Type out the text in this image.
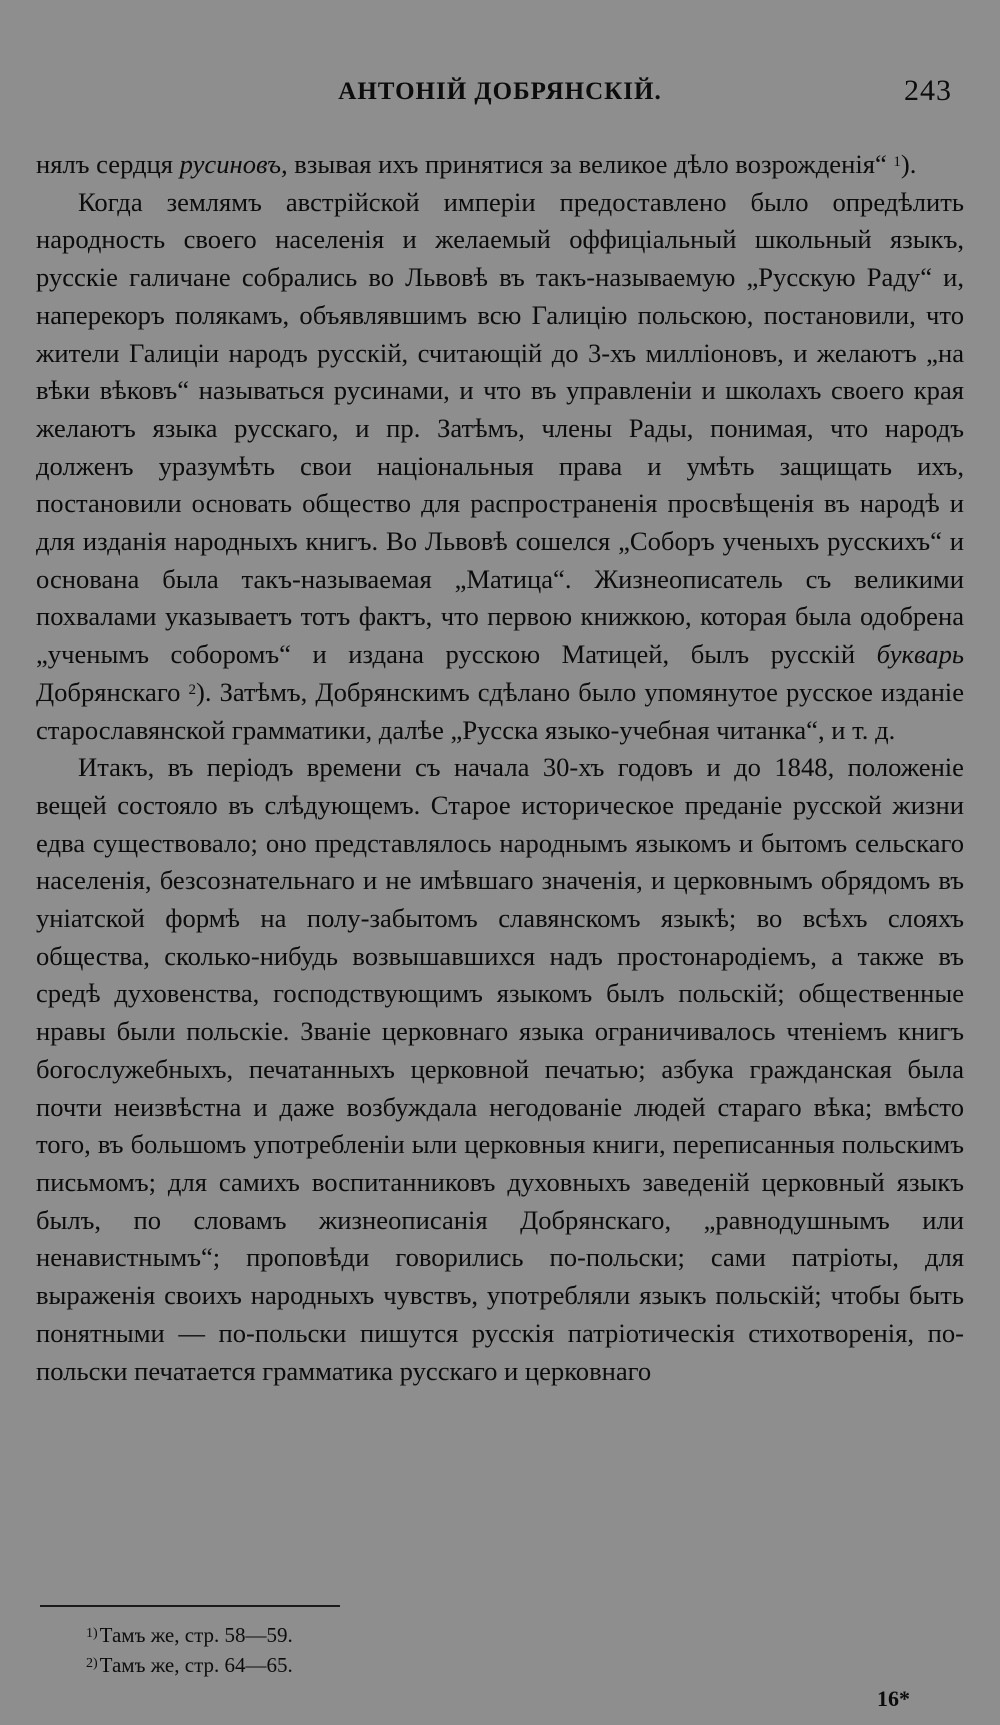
АНТОНІЙ ДОБРЯНСКІЙ.	243

нялъ сердця русиновъ, взывая ихъ принятися за великое дѣло возрожденія“ $^1$).

Когда землямъ австрійской имперіи предоставлено было опредѣлить народность своего населенія и желаемый оффиціальный школьный языкъ, русскіе галичане собрались во Львовѣ въ такъ-называемую „Русскую Раду“ и, наперекоръ полякамъ, объявлявшимъ всю Галицію польскою, постановили, что жители Галиціи народъ русскій, считающій до 3-хъ милліоновъ, и желаютъ „на вѣки вѣковъ“ называться русинами, и что въ управленіи и школахъ своего края желаютъ языка русскаго, и пр. Затѣмъ, члены Рады, понимая, что народъ долженъ уразумѣть свои національныя права и умѣть защищать ихъ, постановили основать общество для распространенія просвѣщенія въ народѣ и для изданія народныхъ книгъ. Во Львовѣ сошелся „Соборъ ученыхъ русскихъ“ и основана была такъ-называемая „Матица“. Жизнеописатель съ великими похвалами указываетъ тотъ фактъ, что первою книжкою, которая была одобрена „ученымъ соборомъ“ и издана русскою Матицей, былъ русскій букварь Добрянскаго $^2$). Затѣмъ, Добрянскимъ сдѣлано было упомянутое русское изданіе старославянской грамматики, далѣе „Русска языко-учебная читанка“, и т. д.

Итакъ, въ періодъ времени съ начала 30-хъ годовъ и до 1848, положеніе вещей состояло въ слѣдующемъ. Старое историческое преданіе русской жизни едва существовало; оно представлялось народнымъ языкомъ и бытомъ сельскаго населенія, безсознательнаго и не имѣвшаго значенія, и церковнымъ обрядомъ въ уніатской формѣ на полу-забытомъ славянскомъ языкѣ; во всѣхъ слояхъ общества, сколько-нибудь возвышавшихся надъ простонародіемъ, а также въ средѣ духовенства, господствующимъ языкомъ былъ польскій; общественные нравы были польскіе. Званіе церковнаго языка ограничивалось чтеніемъ книгъ богослужебныхъ, печатанныхъ церковной печатью; азбука гражданская была почти неизвѣстна и даже возбуждала негодованіе людей стараго вѣка; вмѣсто того, въ большомъ употребленіи ыли церковныя книги, переписанныя польскимъ письмомъ; для самихъ воспитанниковъ духовныхъ заведеній церковный языкъ былъ, по словамъ жизнеописанія Добрянскаго, „равнодушнымъ или ненавистнымъ“; проповѣди говорились по-польски; сами патріоты, для выраженія своихъ народныхъ чувствъ, употребляли языкъ польскій; чтобы быть понятными — по-польски пишутся русскія патріотическія стихотворенія, по-польски печатается грамматика русскаго и церковнаго

$^{1)}$Тамъ же, стр. 58—59.
$^{2)}$Тамъ же, стр. 64—65.
16*
